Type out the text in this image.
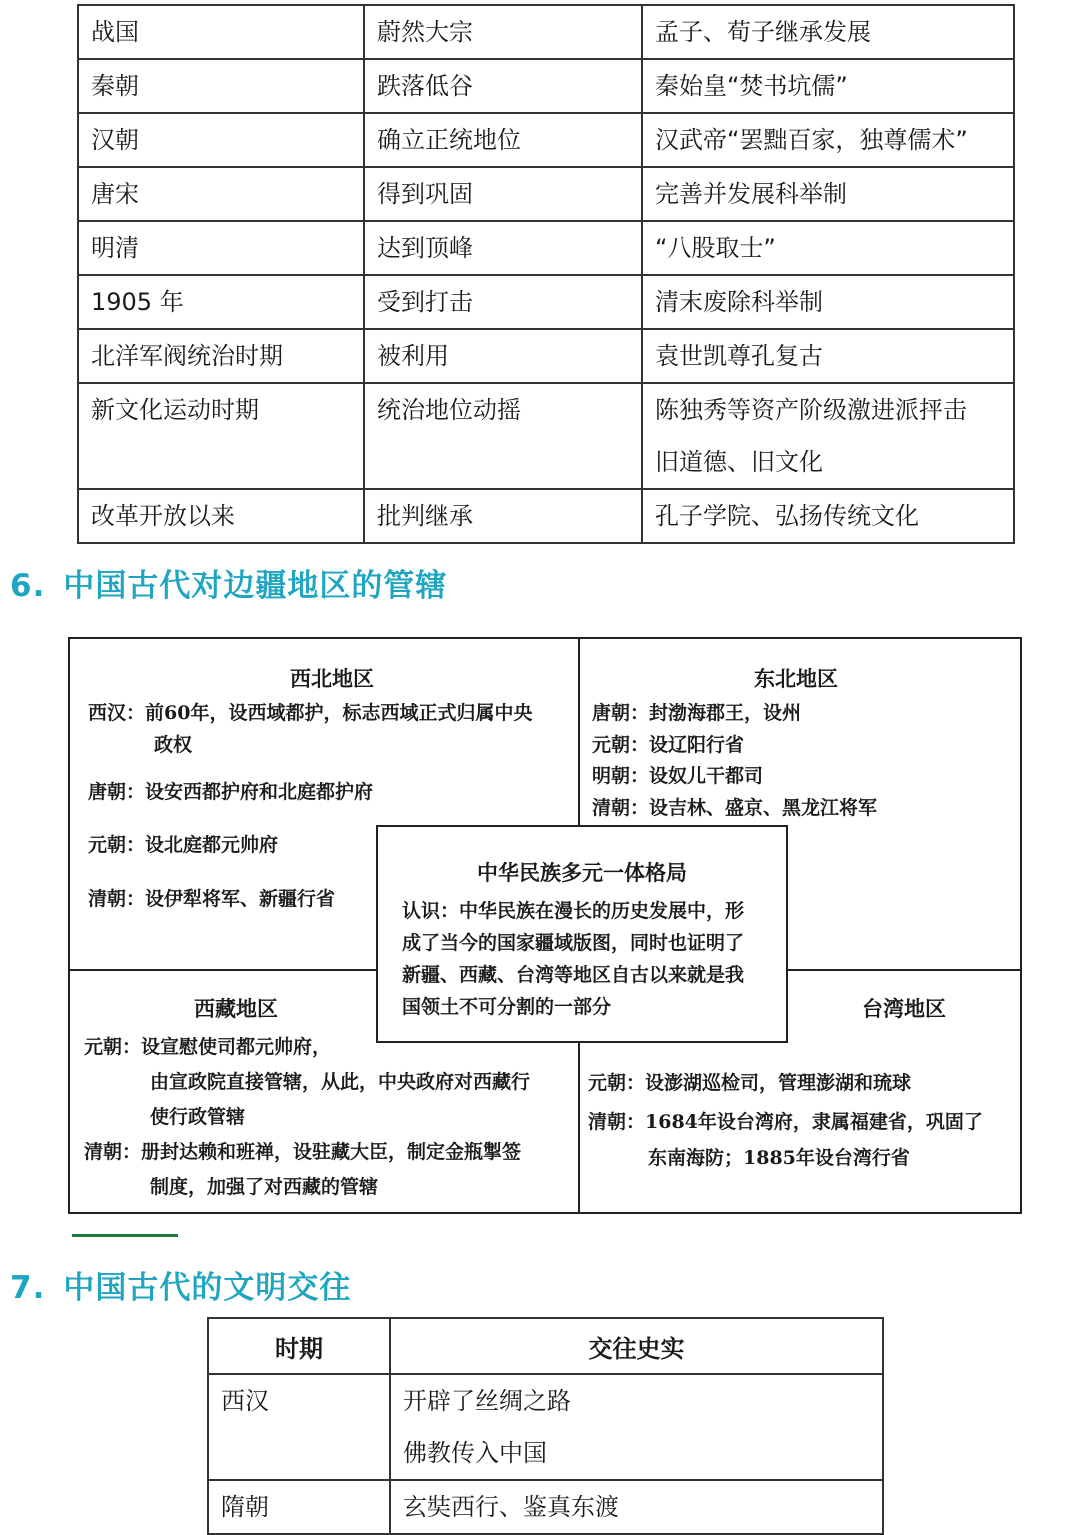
战国	蔚然大宗	孟子、荀子继承发展
秦朝	跌落低谷	秦始皇“焚书坑儒”
汉朝	确立正统地位	汉武帝“罢黜百家，独尊儒术”
唐宋	得到巩固	完善并发展科举制
明清	达到顶峰	“八股取士”
1905 年	受到打击	清末废除科举制
北洋军阀统治时期	被利用	袁世凯尊孔复古
新文化运动时期	统治地位动摇	陈独秀等资产阶级激进派抨击
旧道德、旧文化

改革开放以来	批判继承	孔子学院、弘扬传统文化
6. 中国古代对边疆地区的管辖
西北地区
西汉：前60年，设西域都护，标志西域正式归属中央
政权
唐朝：设安西都护府和北庭都护府
元朝：设北庭都元帅府
清朝：设伊犁将军、新疆行省
东北地区
唐朝：封渤海郡王，设州
元朝：设辽阳行省
明朝：设奴儿干都司
清朝：设吉林、盛京、黑龙江将军
西藏地区
元朝：设宣慰使司都元帅府，
由宣政院直接管辖，从此，中央政府对西藏行
使行政管辖
清朝：册封达赖和班禅，设驻藏大臣，制定金瓶掣签
制度，加强了对西藏的管辖
台湾地区
元朝：设澎湖巡检司，管理澎湖和琉球
清朝：1684年设台湾府，隶属福建省，巩固了
东南海防；1885年设台湾行省
中华民族多元一体格局
认识：中华民族在漫长的历史发展中，形
成了当今的国家疆域版图，同时也证明了
新疆、西藏、台湾等地区自古以来就是我
国领土不可分割的一部分
7. 中国古代的文明交往
时期	交往史实
西汉	开辟了丝绸之路
佛教传入中国

隋朝	玄奘西行、鉴真东渡
